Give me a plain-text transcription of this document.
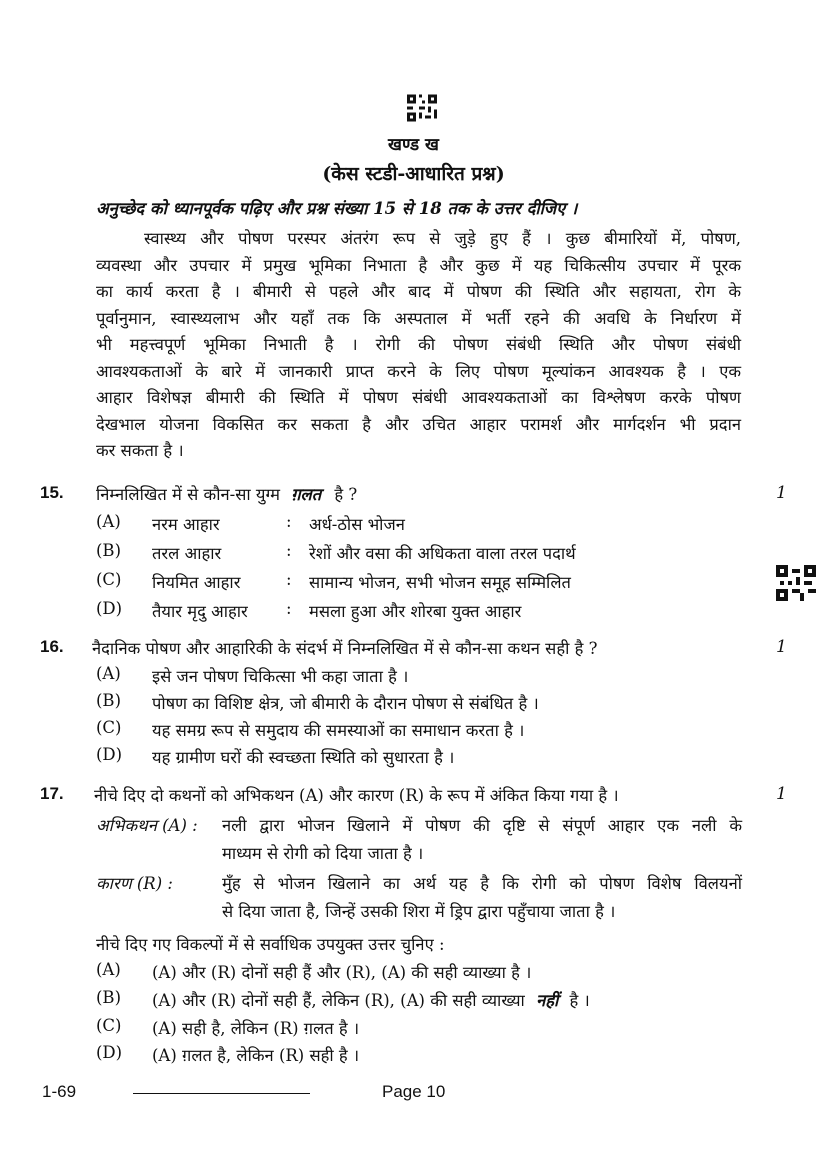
खण्ड ख
(केस स्टडी-आधारित प्रश्न)
अनुच्छेद को ध्यानपूर्वक पढ़िए और प्रश्न संख्या 15 से 18 तक के उत्तर दीजिए ।
स्वास्थ्य और पोषण परस्पर अंतरंग रूप से जुड़े हुए हैं । कुछ बीमारियों में, पोषण,
व्यवस्था और उपचार में प्रमुख भूमिका निभाता है और कुछ में यह चिकित्सीय उपचार में पूरक
का कार्य करता है । बीमारी से पहले और बाद में पोषण की स्थिति और सहायता, रोग के
पूर्वानुमान, स्वास्थ्यलाभ और यहाँ तक कि अस्पताल में भर्ती रहने की अवधि के निर्धारण में
भी महत्त्वपूर्ण भूमिका निभाती है । रोगी की पोषण संबंधी स्थिति और पोषण संबंधी
आवश्यकताओं के बारे में जानकारी प्राप्त करने के लिए पोषण मूल्यांकन आवश्यक है । एक
आहार विशेषज्ञ बीमारी की स्थिति में पोषण संबंधी आवश्यकताओं का विश्लेषण करके पोषण
देखभाल योजना विकसित कर सकता है और उचित आहार परामर्श और मार्गदर्शन भी प्रदान
कर सकता है ।
15. निम्नलिखित में से कौन-सा युग्म ग़लत है ?	1
(A) नरम आहार	: अर्ध-ठोस भोजन
(B) तरल आहार	: रेशों और वसा की अधिकता वाला तरल पदार्थ
(C) नियमित आहार	: सामान्य भोजन, सभी भोजन समूह सम्मिलित
(D) तैयार मृदु आहार : मसला हुआ और शोरबा युक्त आहार
16. नैदानिक पोषण और आहारिकी के संदर्भ में निम्नलिखित में से कौन-सा कथन सही है ?	1
(A) इसे जन पोषण चिकित्सा भी कहा जाता है ।
(B) पोषण का विशिष्ट क्षेत्र, जो बीमारी के दौरान पोषण से संबंधित है ।
(C) यह समग्र रूप से समुदाय की समस्याओं का समाधान करता है ।
(D) यह ग्रामीण घरों की स्वच्छता स्थिति को सुधारता है ।
17. नीचे दिए दो कथनों को अभिकथन (A) और कारण (R) के रूप में अंकित किया गया है ।	1
अभिकथन (A) : नली द्वारा भोजन खिलाने में पोषण की दृष्टि से संपूर्ण आहार एक नली के
माध्यम से रोगी को दिया जाता है ।
कारण (R) :	मुँह से भोजन खिलाने का अर्थ यह है कि रोगी को पोषण विशेष विलयनों
से दिया जाता है, जिन्हें उसकी शिरा में ड्रिप द्वारा पहुँचाया जाता है ।
नीचे दिए गए विकल्पों में से सर्वाधिक उपयुक्त उत्तर चुनिए :
(A) (A) और (R) दोनों सही हैं और (R), (A) की सही व्याख्या है ।
(B) (A) और (R) दोनों सही हैं, लेकिन (R), (A) की सही व्याख्या नहीं है ।
(C) (A) सही है, लेकिन (R) ग़लत है ।
(D) (A) ग़लत है, लेकिन (R) सही है ।
1-69	Page 10
